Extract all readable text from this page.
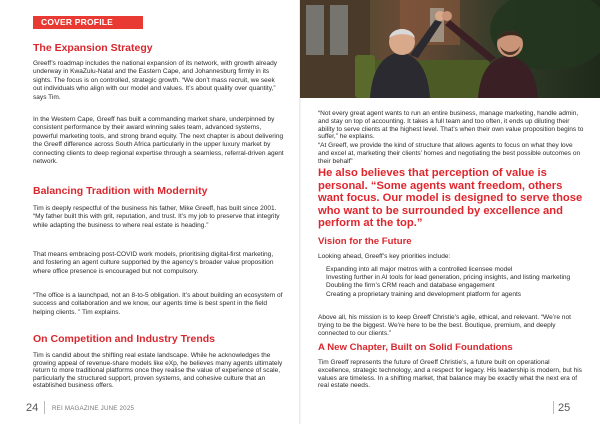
COVER PROFILE
The Expansion Strategy
Greeff’s roadmap includes the national expansion of its network, with growth already underway in KwaZulu-Natal and the Eastern Cape, and Johannesburg firmly in its sights. The focus is on controlled, strategic growth. “We don’t mass recruit, we seek out individuals who align with our model and values. It’s about quality over quantity,” says Tim.
In the Western Cape, Greeff has built a commanding market share, underpinned by consistent performance by their award winning sales team, advanced systems, powerful marketing tools, and strong brand equity. The next chapter is about delivering the Greeff difference across South Africa particularly in the upper luxury market by connecting clients to deep regional expertise through a seamless, referral-driven agent network.
Balancing Tradition with Modernity
Tim is deeply respectful of the business his father, Mike Greeff, has built since 2001. “My father built this with grit, reputation, and trust. It’s my job to preserve that integrity while adapting the business to where real estate is heading.”
That means embracing post-COVID work models, prioritising digital-first marketing, and fostering an agent culture supported by the agency’s broader value proposition where office presence is encouraged but not compulsory.
“The office is a launchpad, not an 8-to-5 obligation. It’s about building an ecosystem of success and collaboration and we know, our agents time is best spent in the field helping clients. ” Tim explains.
On Competition and Industry Trends
Tim is candid about the shifting real estate landscape. While he acknowledges the growing appeal of revenue-share models like eXp, he believes many agents ultimately return to more traditional platforms once they realise the value of experience of scale, particularly the structured support, proven systems, and cohesive culture that an established business offers.
24 REI MAGAZINE JUNE 2025
“Not every great agent wants to run an entire business, manage marketing, handle admin, and stay on top of accounting. It takes a full team and too often, it ends up diluting their ability to serve clients at the highest level. That’s when their own value proposition begins to suffer,” he explains.
“At Greeff, we provide the kind of structure that allows agents to focus on what they love and excel at, marketing their clients’ homes and negotiating the best possible outcomes on their behalf”
He also believes that perception of value is personal. “Some agents want freedom, others want focus. Our model is designed to serve those who want to be surrounded by excellence and perform at the top.”
Vision for the Future
Looking ahead, Greeff’s key priorities include:
Expanding into all major metros with a controlled licensee model
Investing further in AI tools for lead generation, pricing insights, and listing marketing
Doubling the firm’s CRM reach and database engagement
Creating a proprietary training and development platform for agents
Above all, his mission is to keep Greeff Christie’s agile, ethical, and relevant. “We’re not trying to be the biggest. We’re here to be the best. Boutique, premium, and deeply connected to our clients.”
A New Chapter, Built on Solid Foundations
Tim Greeff represents the future of Greeff Christie’s, a future built on operational excellence, strategic technology, and a respect for legacy. His leadership is modern, but his values are timeless. In a shifting market, that balance may be exactly what the next era of real estate needs.
25
